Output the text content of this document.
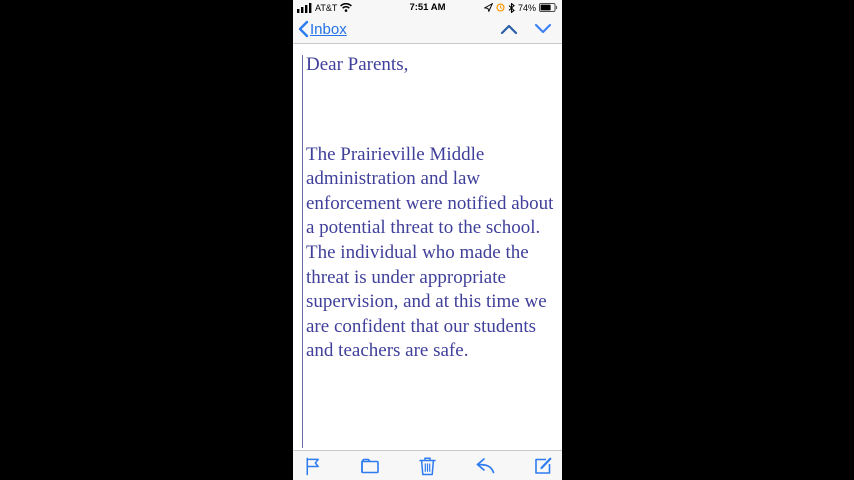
AT&T	7:51 AM	74%
Inbox

Dear Parents,

The Prairieville Middle administration and law enforcement were notified about a potential threat to the school. The individual who made the threat is under appropriate supervision, and at this time we are confident that our students and teachers are safe.
